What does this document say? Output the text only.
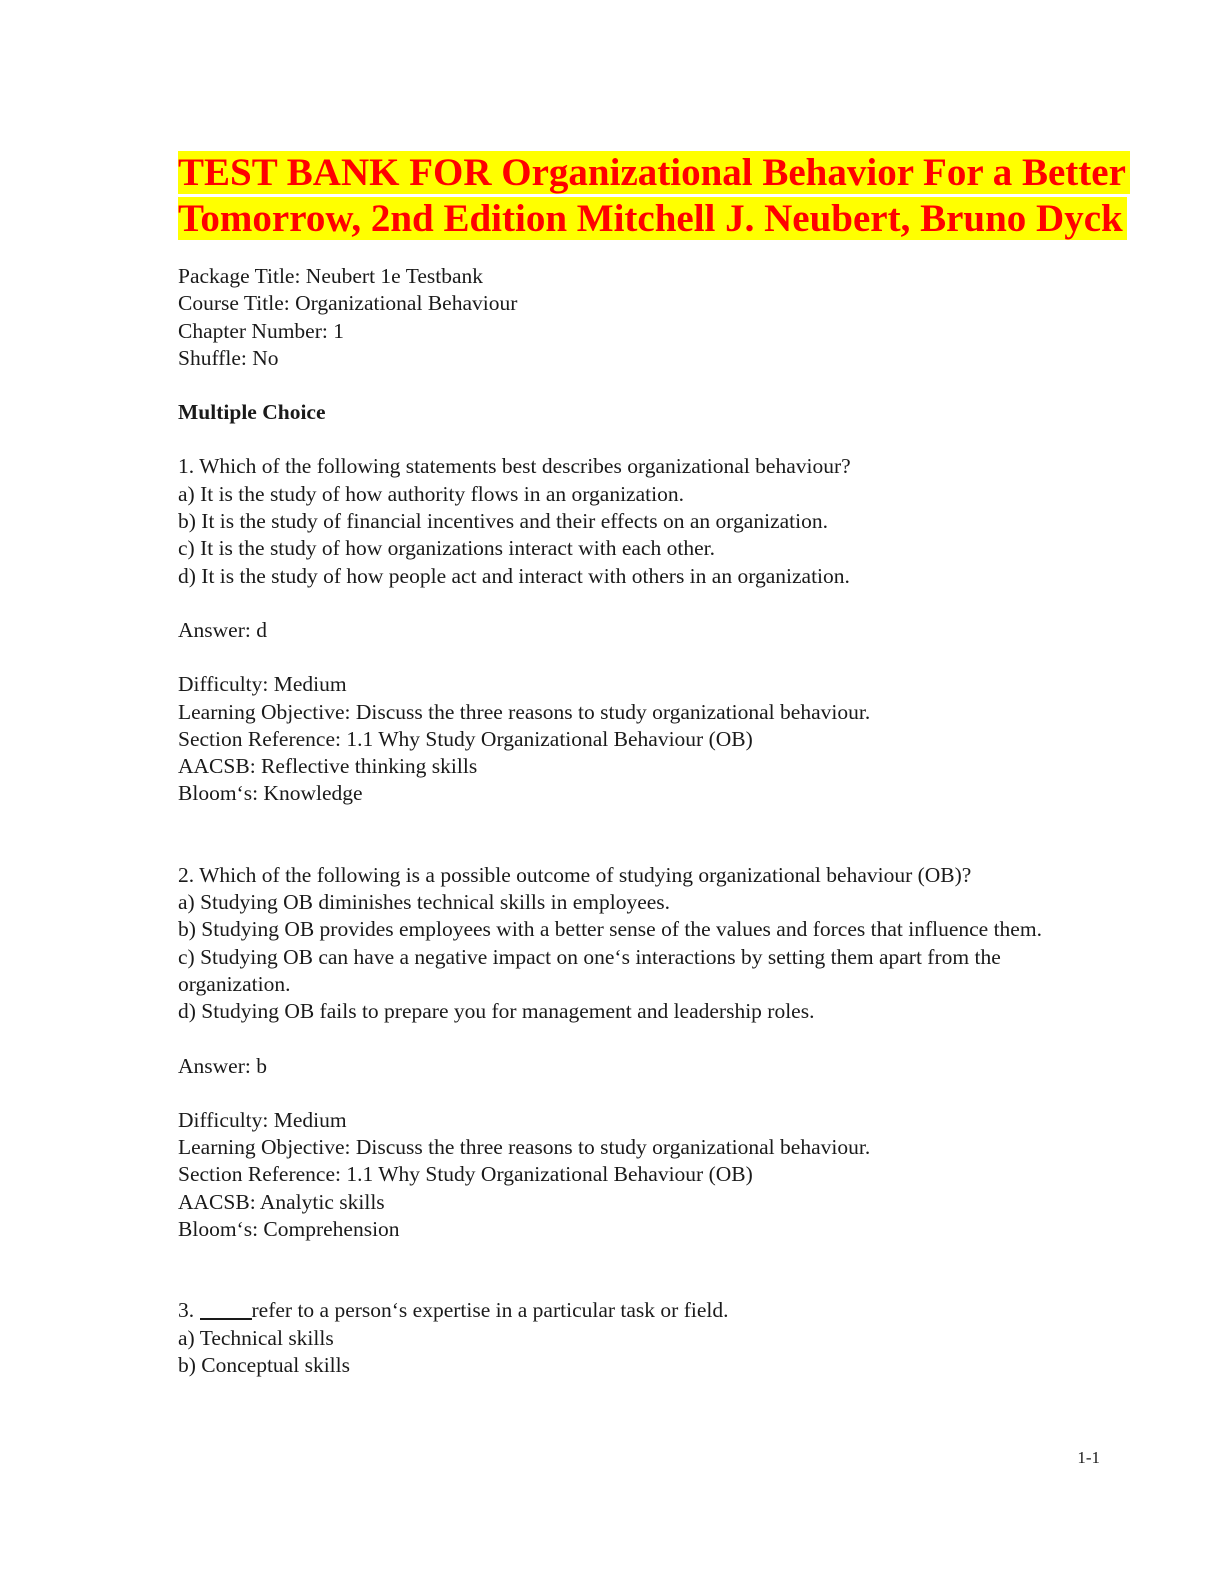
TEST BANK FOR Organizational Behavior For a Better
Tomorrow, 2nd Edition Mitchell J. Neubert, Bruno Dyck
Package Title: Neubert 1e Testbank
Course Title: Organizational Behaviour
Chapter Number: 1
Shuffle: No
Multiple Choice
1. Which of the following statements best describes organizational behaviour?
a) It is the study of how authority flows in an organization.
b) It is the study of financial incentives and their effects on an organization.
c) It is the study of how organizations interact with each other.
d) It is the study of how people act and interact with others in an organization.
Answer: d
Difficulty: Medium
Learning Objective: Discuss the three reasons to study organizational behaviour.
Section Reference: 1.1 Why Study Organizational Behaviour (OB)
AACSB: Reflective thinking skills
Bloom‘s: Knowledge
2. Which of the following is a possible outcome of studying organizational behaviour (OB)?
a) Studying OB diminishes technical skills in employees.
b) Studying OB provides employees with a better sense of the values and forces that influence them.
c) Studying OB can have a negative impact on one‘s interactions by setting them apart from the organization.
d) Studying OB fails to prepare you for management and leadership roles.
Answer: b
Difficulty: Medium
Learning Objective: Discuss the three reasons to study organizational behaviour.
Section Reference: 1.1 Why Study Organizational Behaviour (OB)
AACSB: Analytic skills
Bloom‘s: Comprehension
3.	refer to a person‘s expertise in a particular task or field.
a) Technical skills
b) Conceptual skills
1-1
